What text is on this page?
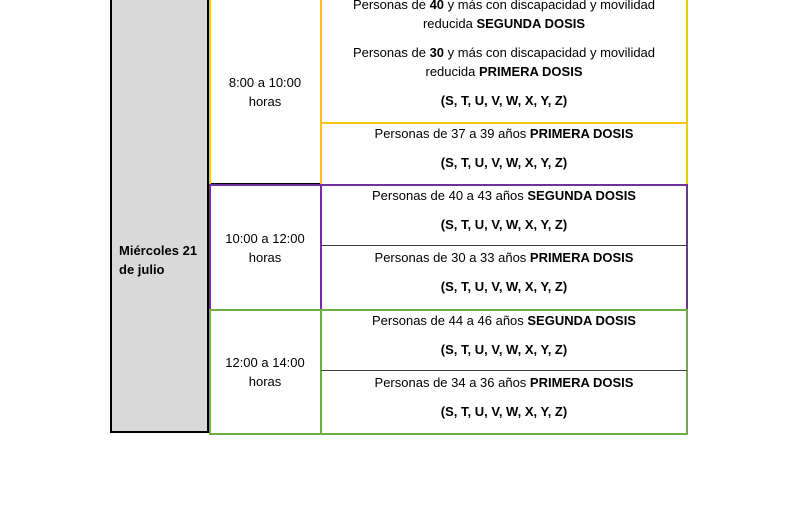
Miércoles 21
de julio
8:00 a 10:00
horas
10:00 a 12:00
horas
12:00 a 14:00
horas

Personas de 40 y más con discapacidad y movilidad

reducida SEGUNDA DOSIS

Personas de 30 y más con discapacidad y movilidad

reducida PRIMERA DOSIS

(S, T, U, V, W, X, Y, Z)

Personas de 37 a 39 años PRIMERA DOSIS

(S, T, U, V, W, X, Y, Z)

Personas de 40 a 43 años SEGUNDA DOSIS

(S, T, U, V, W, X, Y, Z)

Personas de 30 a 33 años PRIMERA DOSIS

(S, T, U, V, W, X, Y, Z)

Personas de 44 a 46 años SEGUNDA DOSIS

(S, T, U, V, W, X, Y, Z)

Personas de 34 a 36 años PRIMERA DOSIS

(S, T, U, V, W, X, Y, Z)
